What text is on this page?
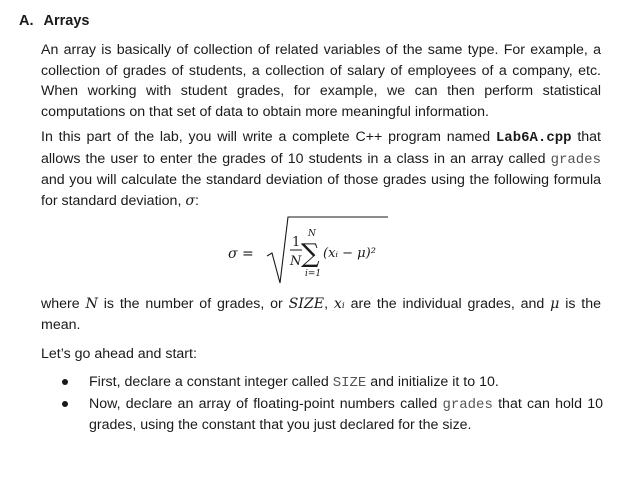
A. Arrays

An array is basically of collection of related variables of the same type. For example, a collection of grades of students, a collection of salary of employees of a company, etc. When working with student grades, for example, we can then perform statistical computations on that set of data to obtain more meaningful information.

In this part of the lab, you will write a complete C++ program named Lab6A.cpp that allows the user to enter the grades of 10 students in a class in an array called grades and you will calculate the standard deviation of those grades using the following formula for standard deviation, σ:

σ =
1
N
N
∑
i=1
(xᵢ − μ)²

where N is the number of grades, or SIZE, xᵢ are the individual grades, and μ is the mean.

Let’s go ahead and start:

First, declare a constant integer called SIZE and initialize it to 10.
Now, declare an array of floating-point numbers called grades that can hold 10 grades, using the constant that you just declared for the size.
